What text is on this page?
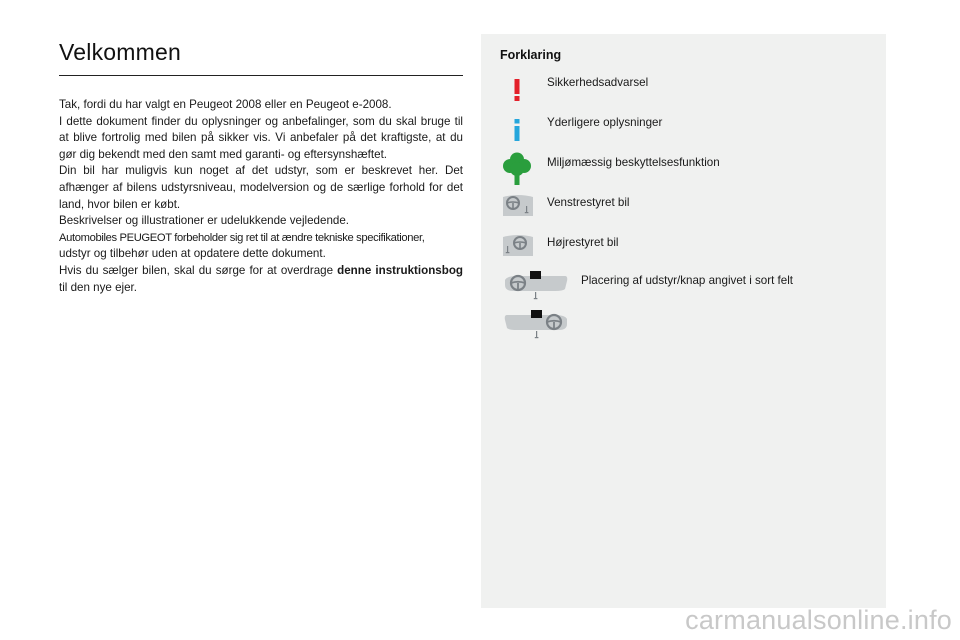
Velkommen

Tak, fordi du har valgt en Peugeot 2008 eller en Peugeot e-2008.

I dette dokument finder du oplysninger og anbefalinger, som du skal bruge til at blive fortrolig med bilen på sikker vis. Vi anbefaler på det kraftigste, at du gør dig bekendt med den samt med garanti- og eftersynshæftet.

Din bil har muligvis kun noget af det udstyr, som er beskrevet her. Det afhænger af bilens udstyrsniveau, modelversion og de særlige forhold for det land, hvor bilen er købt.

Beskrivelser og illustrationer er udelukkende vejledende.

Automobiles PEUGEOT forbeholder sig ret til at ændre tekniske specifikationer,

udstyr og tilbehør uden at opdatere dette dokument.

Hvis du sælger bilen, skal du sørge for at overdrage denne instruktionsbog til den nye ejer.

Forklaring
Sikkerhedsadvarsel
Yderligere oplysninger
Miljømæssig beskyttelsesfunktion
Venstrestyret bil
Højrestyret bil
Placering af udstyr/knap angivet i sort felt
carmanualsonline.info
